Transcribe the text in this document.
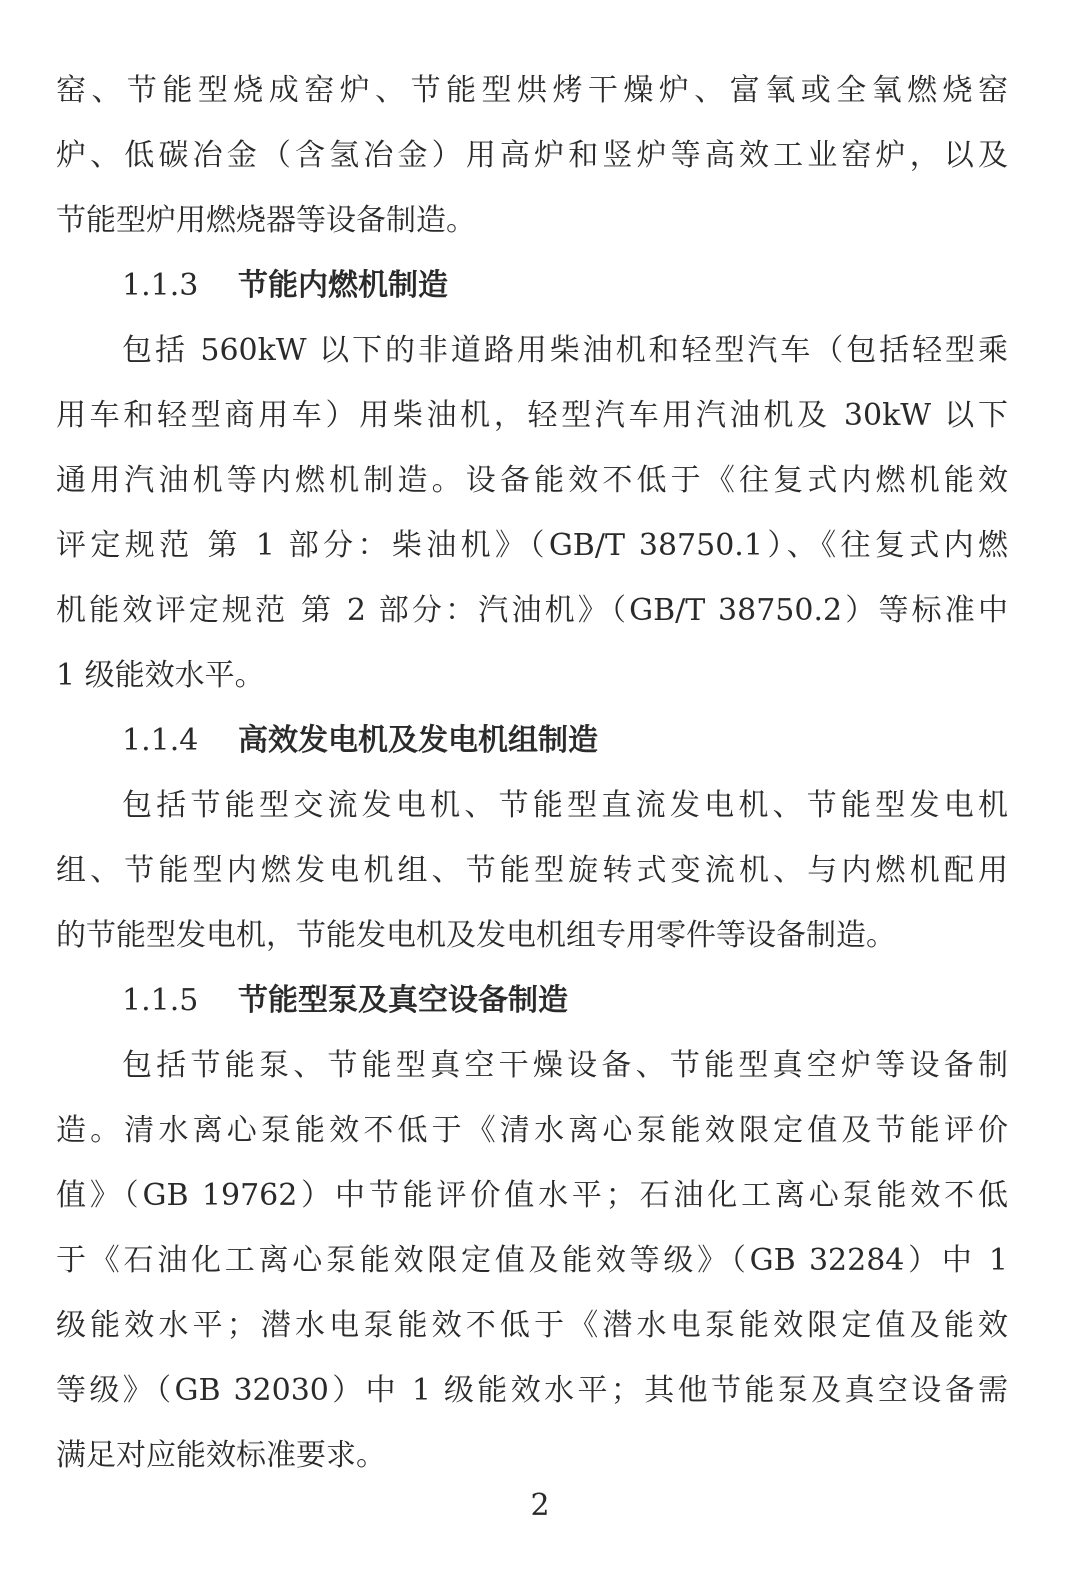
窑、节能型烧成窑炉、节能型烘烤干燥炉、富氧或全氧燃烧窑
炉、低碳冶金（含氢冶金）用高炉和竖炉等高效工业窑炉，以及
节能型炉用燃烧器等设备制造。
1.1.3 节能内燃机制造
包括 560kW 以下的非道路用柴油机和轻型汽车（包括轻型乘
用车和轻型商用车）用柴油机，轻型汽车用汽油机及 30kW 以下
通用汽油机等内燃机制造。设备能效不低于《往复式内燃机能效
评定规范 第 1 部分：柴油机》（GB/T 38750.1）、《往复式内燃
机能效评定规范 第 2 部分：汽油机》（GB/T 38750.2）等标准中
1 级能效水平。
1.1.4 高效发电机及发电机组制造
包括节能型交流发电机、节能型直流发电机、节能型发电机
组、节能型内燃发电机组、节能型旋转式变流机、与内燃机配用
的节能型发电机，节能发电机及发电机组专用零件等设备制造。
1.1.5 节能型泵及真空设备制造
包括节能泵、节能型真空干燥设备、节能型真空炉等设备制
造。清水离心泵能效不低于《清水离心泵能效限定值及节能评价
值》（GB 19762）中节能评价值水平；石油化工离心泵能效不低
于《石油化工离心泵能效限定值及能效等级》（GB 32284）中 1
级能效水平；潜水电泵能效不低于《潜水电泵能效限定值及能效
等级》（GB 32030）中 1 级能效水平；其他节能泵及真空设备需
满足对应能效标准要求。
2
